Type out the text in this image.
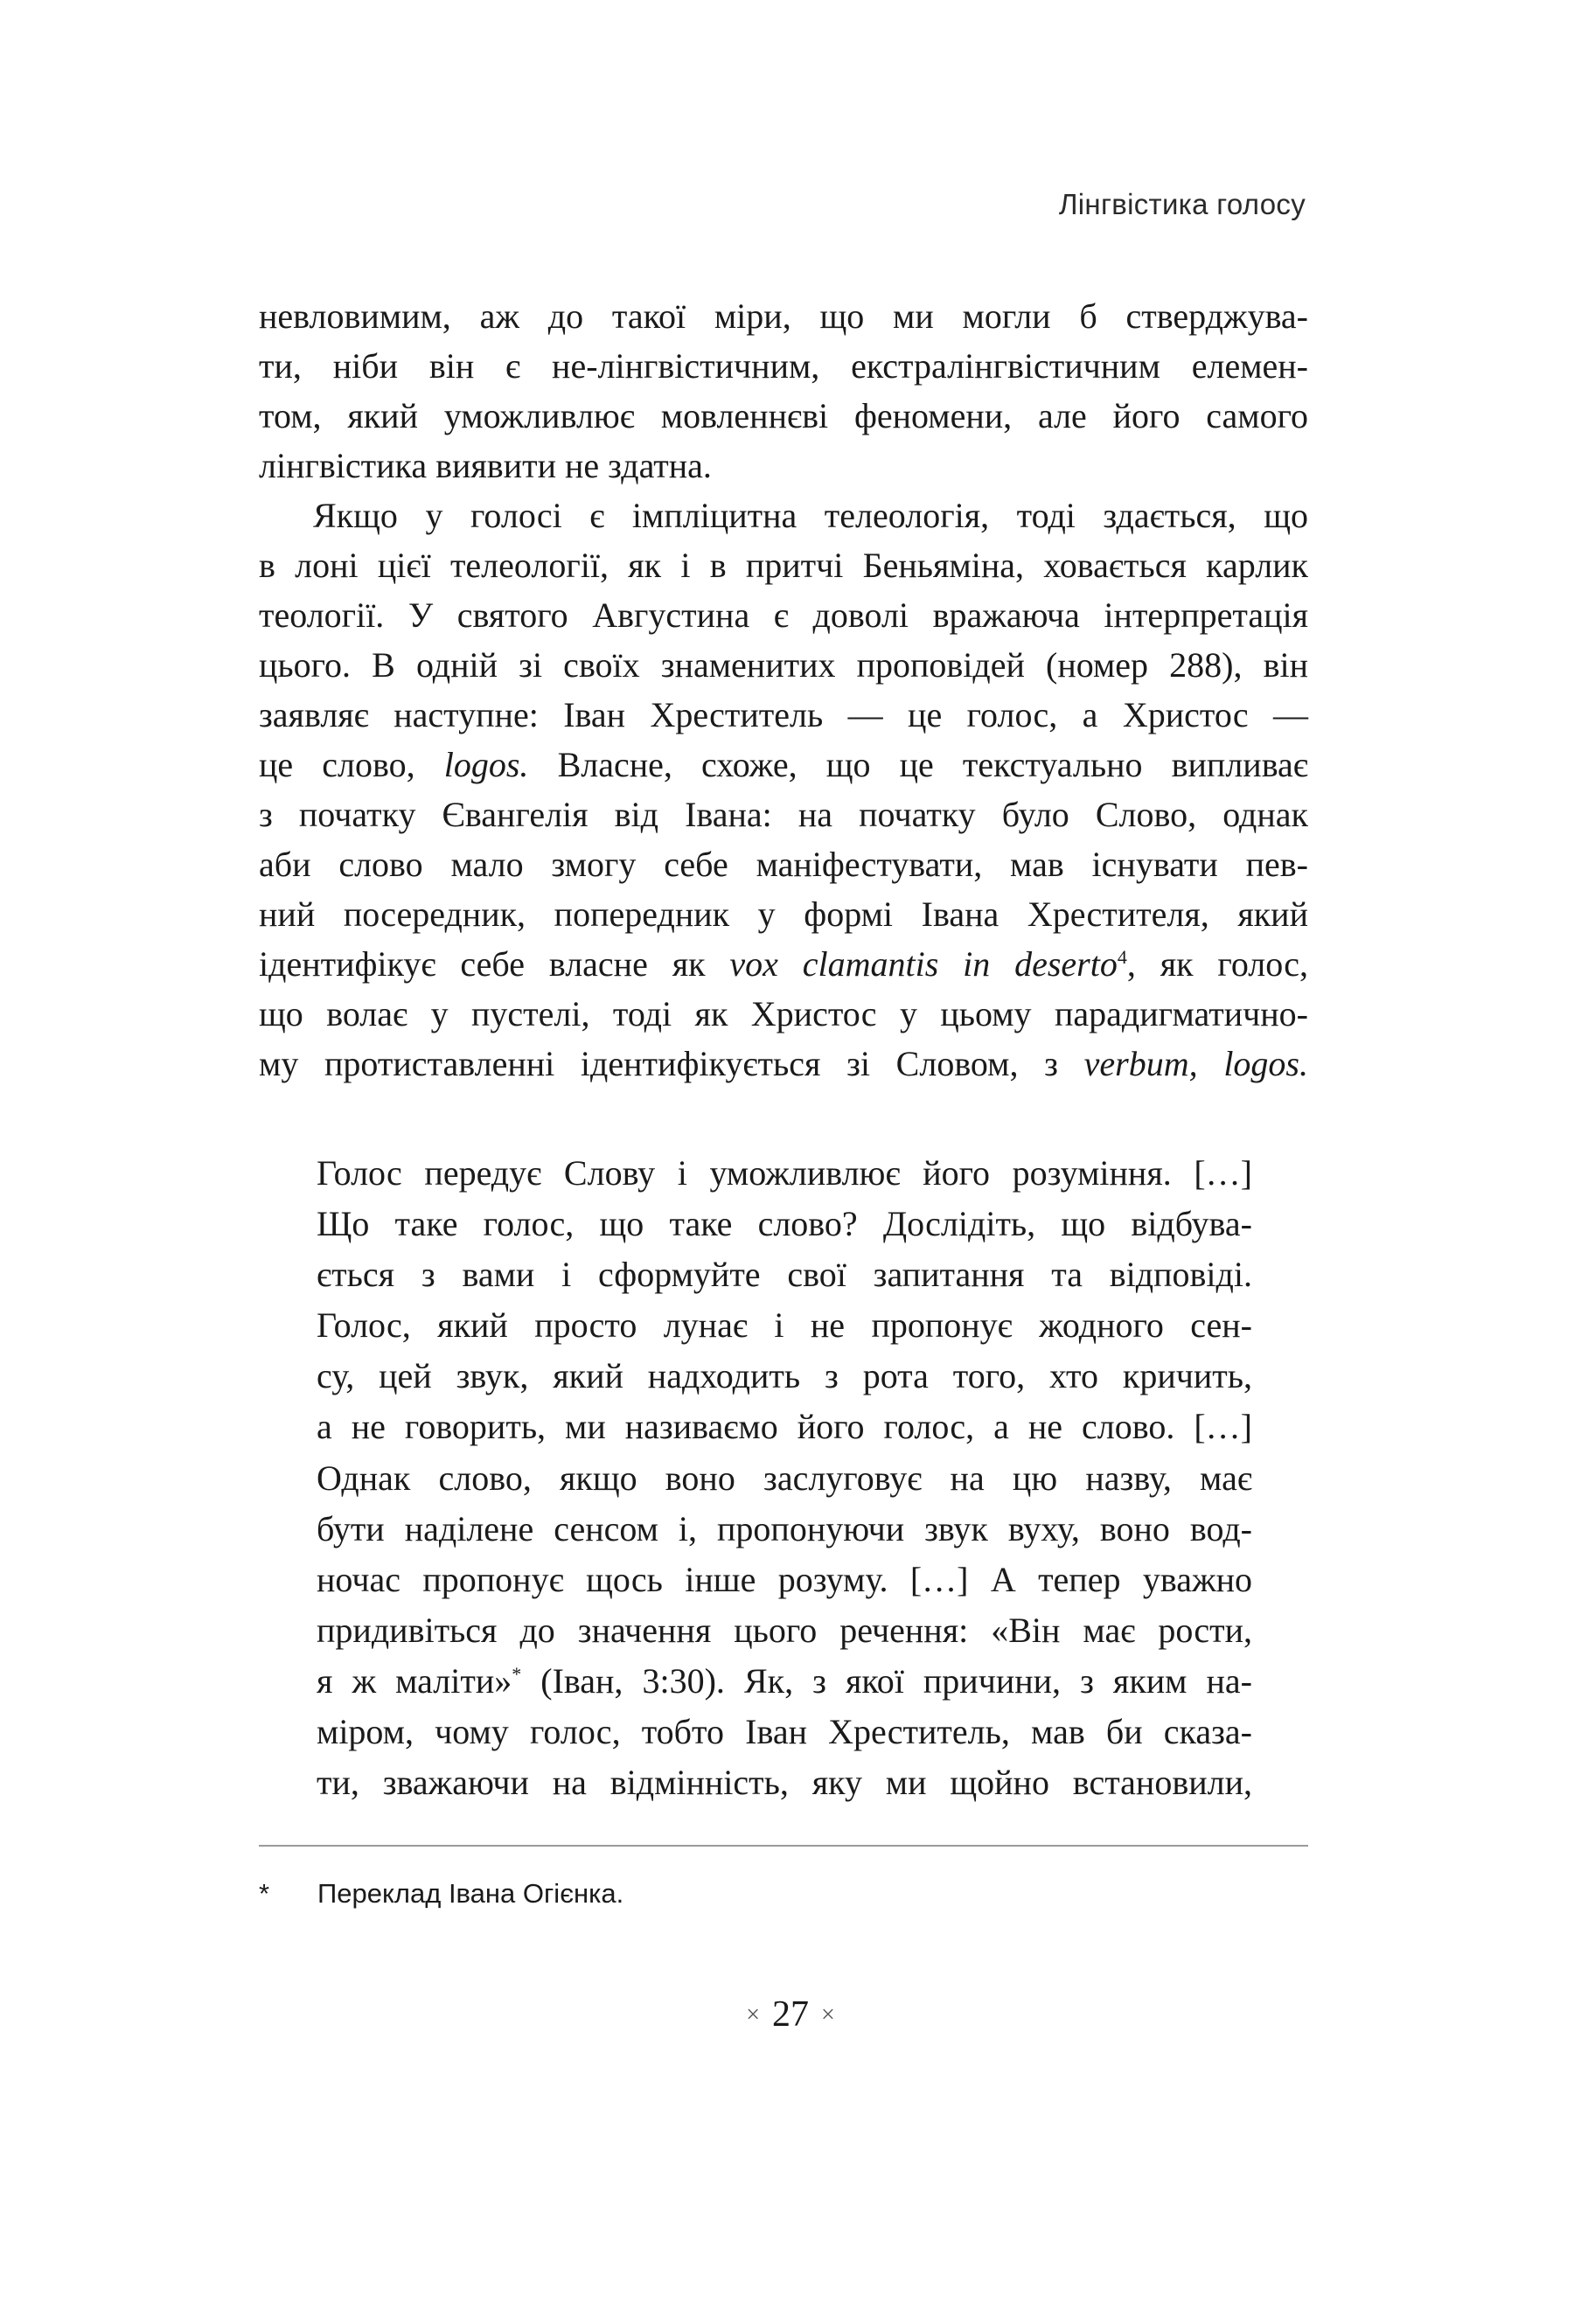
Лінгвістика голосу
невловимим, аж до такої міри, що ми могли б стверджува-
ти, ніби він є не-лінгвістичним, екстралінгвістичним елемен-
том, який уможливлює мовленнєві феномени, але його самого
лінгвістика виявити не здатна.
Якщо у голосі є імпліцитна телеологія, тоді здається, що
в лоні цієї телеології, як і в притчі Беньяміна, ховається карлик
теології. У святого Августина є доволі вражаюча інтерпретація
цього. В одній зі своїх знаменитих проповідей (номер 288), він
заявляє наступне: Іван Хреститель — це голос, а Христос —
це слово, logos. Власне, схоже, що це текстуально випливає
з початку Євангелія від Івана: на початку було Слово, однак
аби слово мало змогу себе маніфестувати, мав існувати пев-
ний посередник, попередник у формі Івана Хрестителя, який
ідентифікує себе власне як vox clamantis in deserto$^4$, як голос,
що волає у пустелі, тоді як Христос у цьому парадигматично-
му протиставленні ідентифікується зі Словом, з verbum, logos.
Голос передує Слову і уможливлює його розуміння. […]
Що таке голос, що таке слово? Дослідіть, що відбува-
ється з вами і сформуйте свої запитання та відповіді.
Голос, який просто лунає і не пропонує жодного сен-
су, цей звук, який надходить з рота того, хто кричить,
а не говорить, ми називаємо його голос, а не слово. […]
Однак слово, якщо воно заслуговує на цю назву, має
бути наділене сенсом і, пропонуючи звук вуху, воно вод-
ночас пропонує щось інше розуму. […] А тепер уважно
придивіться до значення цього речення: «Він має рости,
я ж маліти»* (Іван, 3:30). Як, з якої причини, з яким на-
міром, чому голос, тобто Іван Хреститель, мав би сказа-
ти, зважаючи на відмінність, яку ми щойно встановили,
* Переклад Івана Огієнка.
× 27 ×
